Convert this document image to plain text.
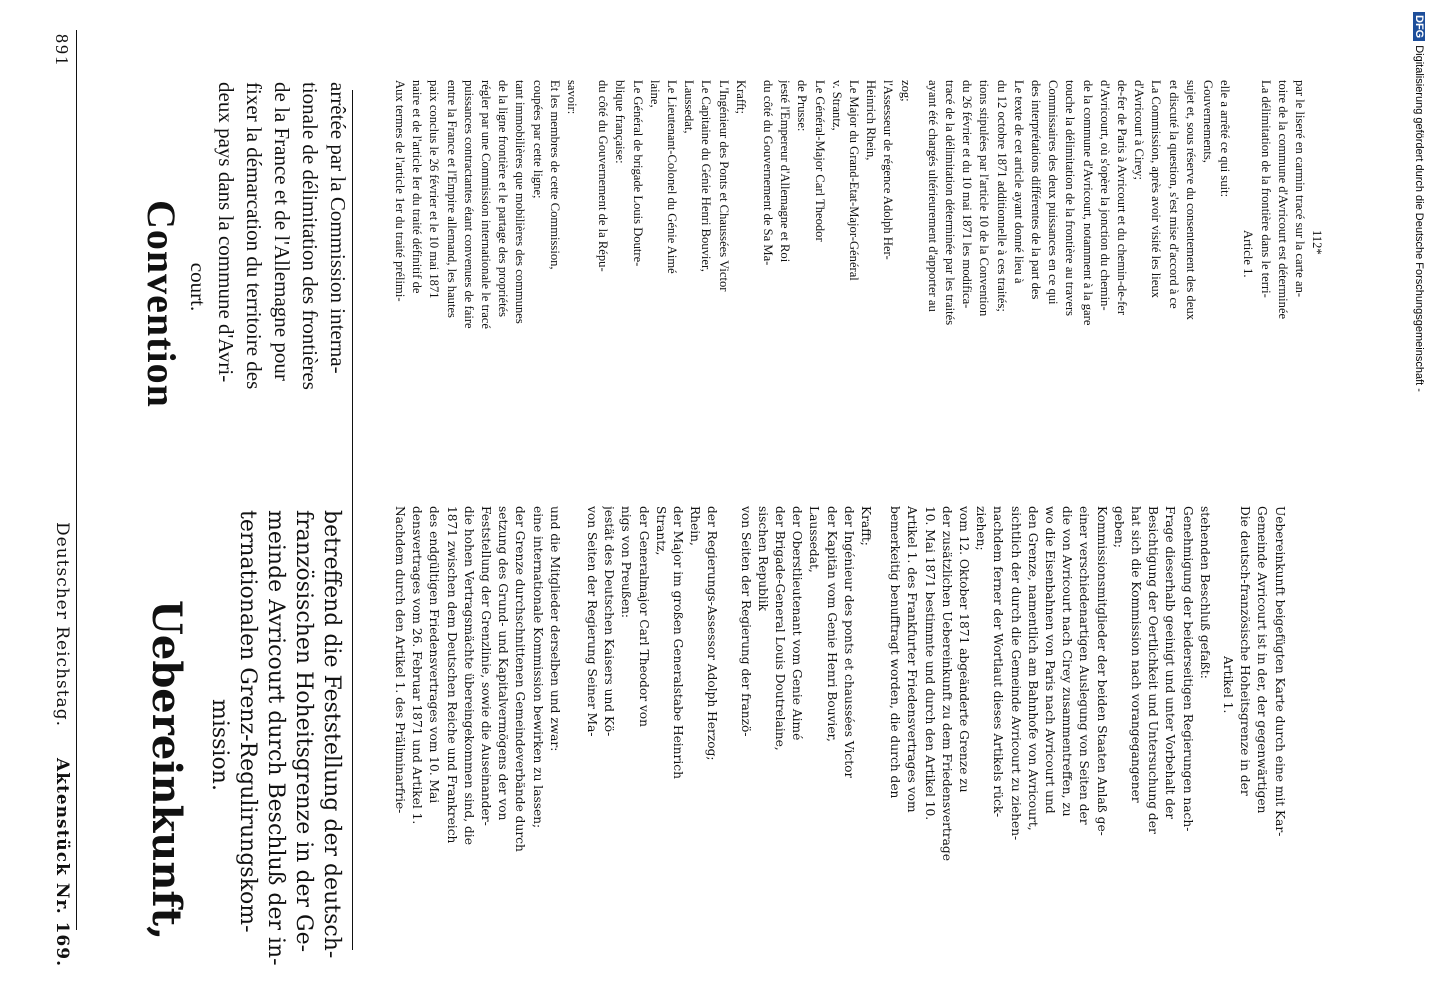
Deutscher Reichstag.
Aktenstück Nr. 169.
891
Uebereinkunft,
Convention
betreffend die Feststellung der deutsch-
französischen Hoheitsgrenze in der Ge-
meinde Avricourt durch Beschluß der in-
ternationalen Grenz-Regulirungskom-
mission.
arrêtée par la Commission interna-
tionale de délimitation des frontières
de la France et de l'Allemagne pour
fixer la démarcation du territoire des
deux pays dans la commune d'Avri-
court.
DFGDigitalisierung gefördert durch die Deutsche Forschungsgemeinschaft -
Nachdem durch den Artikel 1. des Präliminarfrie- densvertrages vom 26. Februar 1871 und Artikel 1. des endgültigen Friedensvertrages vom 10. Mai 1871 zwischen dem Deutschen Reiche und Frankreich die hohen Vertragsmächte übereingekommen sind, die Feststellung der Grenzlinie, sowie die Auseinander- setzung des Grund- und Kapitalvermögens der von der Grenze durchschnittenen Gemeindeverbände durch eine internationale Kommission bewirken zu lassen; und die Mitglieder derselben und zwar: von Seiten der Regierung Seiner Ma- jestät des Deutschen Kaisers und Kö- nigs von Preußen: der Generalmajor Carl Theodor von Strantz, der Major im großen Generalstabe Heinrich Rhein, der Regierungs-Assessor Adolph Herzog; von Seiten der Regierung der franzö- sischen Republik der Brigade-General Louis Doutrelaine, der Oberstlieutenant vom Genie Aimé Laussedat, der Kapitän vom Genie Henri Bouvier, der Ingénieur des ponts et chaussées Victor Krafft; bemerkeitig benufftragt worden, die durch den Artikel 1. des Frankfurter Friedensvertrages vom 10. Mai 1871 bestimmte und durch den Artikel 10. der zusätzlichen Uebereinkunft zu dem Friedensvertrage vom 12. Oktober 1871 abgeänderte Grenze zu ziehen; nachdem ferner der Wortlaut dieses Artikels rück- sichtlich der durch die Gemeinde Avricourt zu ziehen- den Grenze, namentlich am Bahnhofe von Avricourt, wo die Eisenbahnen von Paris nach Avricourt und die von Avricourt nach Cirey zusammentreffen, zu einer verschiedenartigen Auslegung von Seiten der Kommissionsmitglieder der beiden Staaten Anlaß ge- geben; hat sich die Kommission nach vorangegangener Besichtigung der Oertlichkeit und Untersuchung der Frage dieserhalb geeinigt und unter Vorbehalt der Genehmigung der beiderseitigen Regierungen nach- stehenden Beschluß gefaßt:
Artikel 1. Die deutsch-französische Hoheitsgrenze in der Gemeinde Avricourt ist in der, der gegenwärtigen Uebereinkunft beigefügten Karte durch eine mit Kar-
Aux termes de l'article 1er du traité prélimi- naire et de l'article Ier du traité définitif de paix conclus le 26 février et le 10 mai 1871 entre la France et l'Empire allemand, les hautes puissances contractantes étant convenues de faire régler par une Commission internationale le tracé de la ligne frontière et le partage des propriétés tant immobilières que mobilières des communes coupées par cette ligne; Et les membres de cette Commission, savoir: du côté du Gouvernement de la Répu- blique française: Le Général de brigade Louis Doutre- laine, Le Lieutenant-Colonel du Génie Aimé Laussedat, Le Capitaine du Génie Henri Bouvier, L'Ingénieur des Ponts et Chaussées Victor Krafft; du côté du Gouvernement de Sa Ma- jesté l'Empereur d'Allemagne et Roi de Prusse: Le Général-Major Carl Theodor v. Strantz, Le Major du Grand-Etat-Major-Général Heinrich Rhein, l'Assesseur de régence Adolph Her- zog; ayant été chargés ultérieurement d'apporter au tracé de la délimitation déterminée par les traités du 26 février et du 10 mai 1871 les modifica- tions stipulées par l'article 10 de la Convention du 12 octobre 1871 additionnelle à ces traités; Le texte de cet article ayant donné lieu à des interprétations différentes de la part des Commissaires des deux puissances en ce qui touche la délimitation de la frontière au travers de la commune d'Avricourt, notamment à la gare d'Avricourt, où s'opère la jonction du chemin- de-fer de Paris à Avricourt et du chemin-de-fer d'Avricourt à Cirey; La Commission, après avoir visité les lieux et discuté la question, s'est mise d'accord à ce sujet et, sous réserve du consentement des deux Gouvernements, elle a arrêté ce qui suit:
Article 1. La délimitation de la frontière dans le terri- toire de la commune d'Avricourt est déterminée par le liseré en carmin tracé sur la carte an- 112*
